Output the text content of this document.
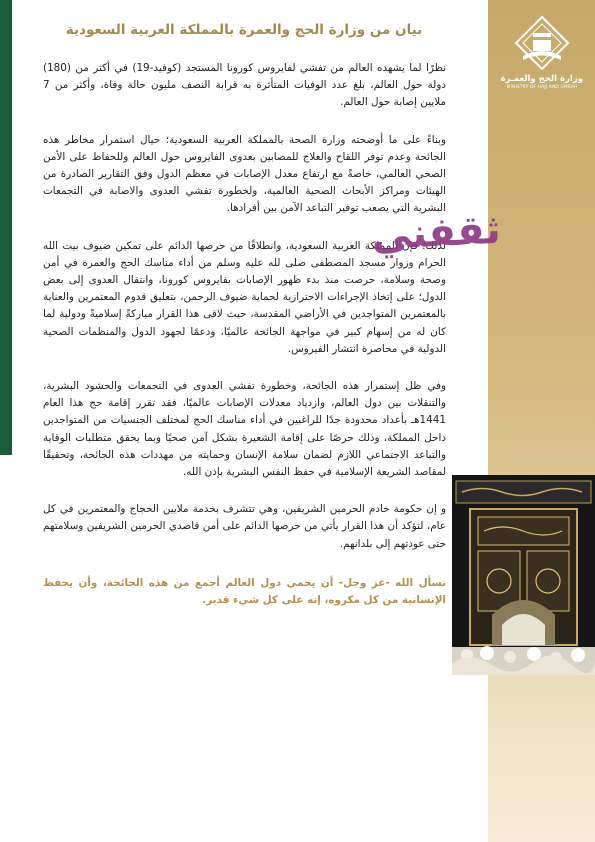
وزارة الحج والعمـرة
MINISTRY OF HAJJ AND UMRAH
بيان من وزارة الحج والعمرة بالمملكة العربية السعودية

نظرًا لما يشهده العالم من تفشي لفايروس كورونا المستجد (كوفيد-19) في أكثر من (180) دولة حول العالم، بلغ عدد الوفيات المتأثرة به قرابة النصف مليون حالة وفاة، وأكثر من 7 ملايين إصابة حول العالم.

وبناءً على ما أوضحته وزارة الصحة بالمملكة العربية السعودية؛ حيال استمرار مخاطر هذه الجائحة وعدم توفر اللقاح والعلاج للمصابين بعدوى الفايروس حول العالم وللحفاظ على الأمن الصحي العالمي، خاصةً مع ارتفاع معدل الإصابات في معظم الدول وفق التقارير الصادرة من الهيئات ومراكز الأبحاث الصحية العالمية، ولخطورة تفشي العدوى والاصابة في التجمعات البشرية التي يصعب توفير التباعد الآمن بين أفرادها.

لذلك؛ فإن المملكة العربية السعودية، وانطلاقًا من حرصها الدائم على تمكين ضيوف بيت الله الحرام وزوار مسجد المصطفى صلى لله عليه وسلم من أداء مناسك الحج والعمرة في أمن وصحة وسلامة، حرصت منذ بدء ظهور الإصابات بفايروس كورونا، وانتقال العدوى إلى بعض الدول؛ على إتخاذ الإجراءات الاحترازية لحماية ضيوف الرحمن، بتعليق قدوم المعتمرين والعناية بالمعتمرين المتواجدين في الأراضي المقدسة، حيث لاقى هذا القرار مباركةً إسلاميةً ودولية لما كان له من إسهام كبير في مواجهة الجائحة عالميًا، ودعمًا لجهود الدول والمنظمات الصحية الدولية في محاصرة انتشار الفيروس.

وفي ظل إستمرار هذه الجائحة، وخطورة تفشي العدوى في التجمعات والحشود البشرية، والتنقلات بين دول العالم، وازدياد معدلات الإصابات عالميًا، فقد تقرر إقامة حج هذا العام 1441هـ بأعداد محدودة جدًا للراغبين في أداء مناسك الحج لمختلف الجنسيات من المتواجدين داخل المملكة، وذلك حرصًا على إقامة الشعيرة بشكل آمن صحيًا وبما يحقق متطلبات الوقاية والتباعد الاجتماعي اللازم لضمان سلامة الإنسان وحمايته من مهددات هذه الجائحة، وتحقيقًا لمقاصد الشريعة الإسلامية في حفظ النفس البشرية بإذن الله.

و إن حكومة خادم الحرمين الشريفين، وهي تتشرف بخدمة ملايين الحجاج والمعتمرين في كل عام، لتؤكد أن هذا القرار يأتي من حرصها الدائم على أمن قاصدي الحرمين الشريفين وسلامتهم حتى عودتهم إلى بلدانهم.

نسأل الله -عز وجل- أن يحمي دول العالم أجمع من هذه الجائحة، وأن يحفظ الإنسانية من كل مكروه، إنه على كل شيء قدير.

ثقفني
